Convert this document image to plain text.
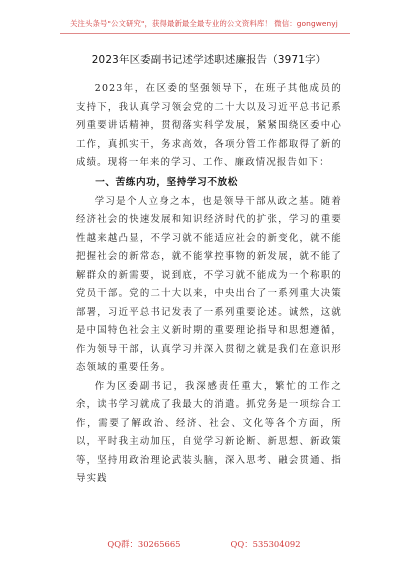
关注头条号"公文研究"，获得最新最全最专业的公文资料库！ 微信：gongwenyj
2023年区委副书记述学述职述廉报告（3971字）

2023年，在区委的坚强领导下，在班子其他成员的支持下，我认真学习领会党的二十大以及习近平总书记系列重要讲话精神，贯彻落实科学发展，紧紧围绕区委中心工作，真抓实干，务求高效，各项分管工作都取得了新的成绩。现将一年来的学习、工作、廉政情况报告如下：

一、苦练内功，坚持学习不放松

学习是个人立身之本，也是领导干部从政之基。随着经济社会的快速发展和知识经济时代的扩张，学习的重要性越来越凸显，不学习就不能适应社会的新变化，就不能把握社会的新常态，就不能掌控事物的新发展，就不能了解群众的新需要，说到底，不学习就不能成为一个称职的党员干部。党的二十大以来，中央出台了一系列重大决策部署，习近平总书记发表了一系列重要论述。诚然，这就是中国特色社会主义新时期的重要理论指导和思想遵循，作为领导干部，认真学习并深入贯彻之就是我们在意识形态领域的重要任务。

作为区委副书记，我深感责任重大，繁忙的工作之余，读书学习就成了我最大的消遣。抓党务是一项综合工作，需要了解政治、经济、社会、文化等各个方面，所以，平时我主动加压，自觉学习新论断、新思想、新政策等，坚持用政治理论武装头脑，深入思考、融会贯通、指导实践

QQ群：30265665	QQ：535304092
